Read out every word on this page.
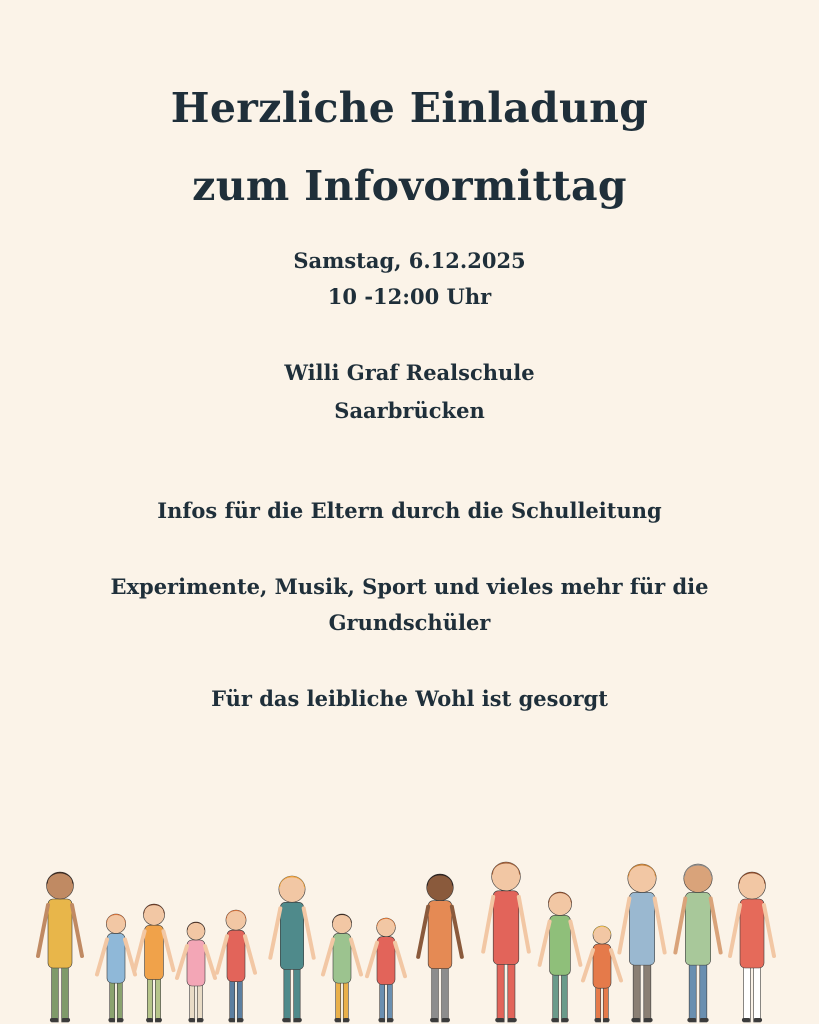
Herzliche Einladung
zum Infovormittag
Samstag, 6.12.2025
10 -12:00 Uhr
Willi Graf Realschule
Saarbrücken
Infos für die Eltern durch die Schulleitung
Experimente, Musik, Sport und vieles mehr für die
Grundschüler
Für das leibliche Wohl ist gesorgt
